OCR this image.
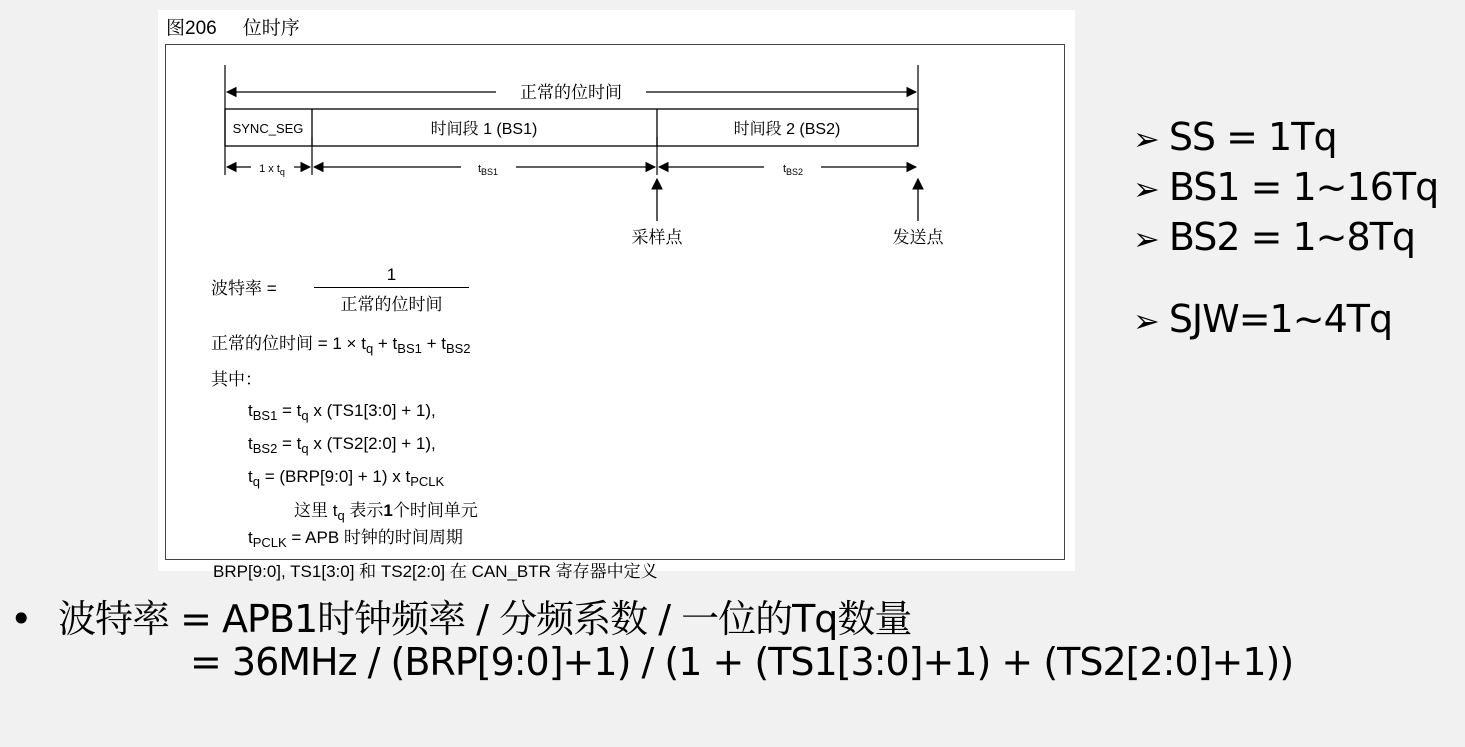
图206 位时序
正常的位时间
SYNC_SEG	时间段 1 (BS1)	时间段 2 (BS2)
1 x $t_q$	$t_{BS1}$	$t_{BS2}$
采样点	发送点
波特率 =
1
正常的位时间
正常的位时间 = $1 \times t_q + t_{BS1} + t_{BS2}$
其中：
$t_{BS1} = t_q$ x (TS1[3:0] + 1),
$t_{BS2} = t_q$ x (TS2[2:0] + 1),
$t_q$ = (BRP[9:0] + 1) x $t_{PCLK}$
这里 $t_q$ 表示1个时间单元
$t_{PCLK}$ = APB 时钟的时间周期
BRP[9:0], TS1[3:0] 和 TS2[2:0] 在 CAN_BTR 寄存器中定义
➢ SS = 1Tq
➢ BS1 = 1~16Tq
➢ BS2 = 1~8Tq
➢ SJW=1~4Tq
• 波特率 = APB1时钟频率 / 分频系数 / 一位的Tq数量
= 36MHz / (BRP[9:0]+1) / (1 + (TS1[3:0]+1) + (TS2[2:0]+1))
